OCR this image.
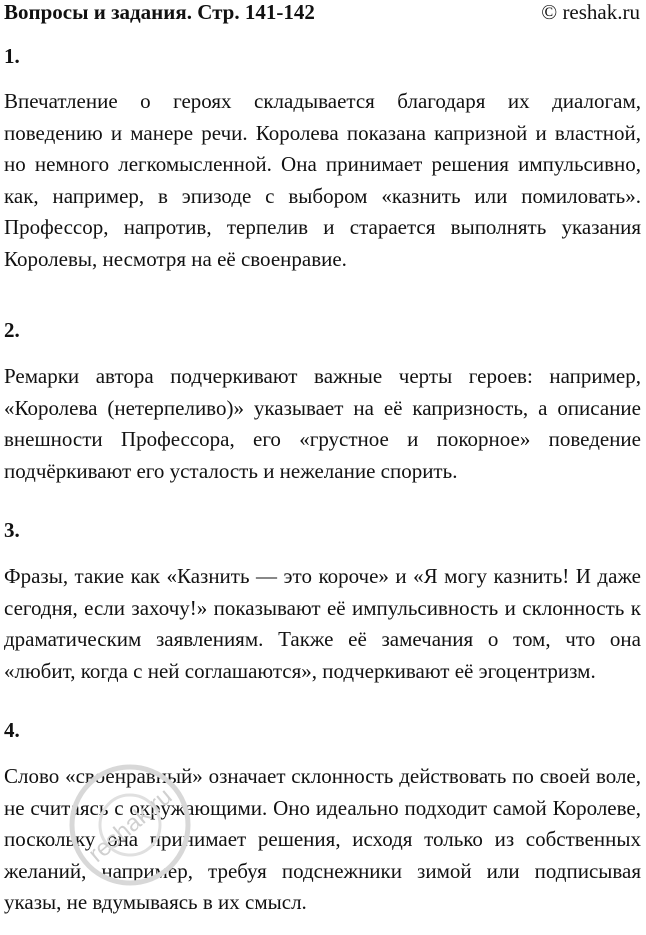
Вопросы и задания. Стр. 141-142	© reshak.ru
1.
Впечатление о героях складывается благодаря их диалогам, поведению и манере речи. Королева показана капризной и властной, но немного легкомысленной. Она принимает решения импульсивно, как, например, в эпизоде с выбором «казнить или помиловать». Профессор, напротив, терпелив и старается выполнять указания Королевы, несмотря на её своенравие.
2.
Ремарки автора подчеркивают важные черты героев: например, «Королева (нетерпеливо)» указывает на её капризность, а описание внешности Профессора, его «грустное и покорное» поведение подчёркивают его усталость и нежелание спорить.
3.
Фразы, такие как «Казнить — это короче» и «Я могу казнить! И даже сегодня, если захочу!» показывают её импульсивность и склонность к драматическим заявлениям. Также её замечания о том, что она «любит, когда с ней соглашаются», подчеркивают её эгоцентризм.
4.
Слово «своенравный» означает склонность действовать по своей воле, не считаясь с окружающими. Оно идеально подходит самой Королеве, поскольку она принимает решения, исходя только из собственных желаний, например, требуя подснежники зимой или подписывая указы, не вдумываясь в их смысл.
reshak.ru
